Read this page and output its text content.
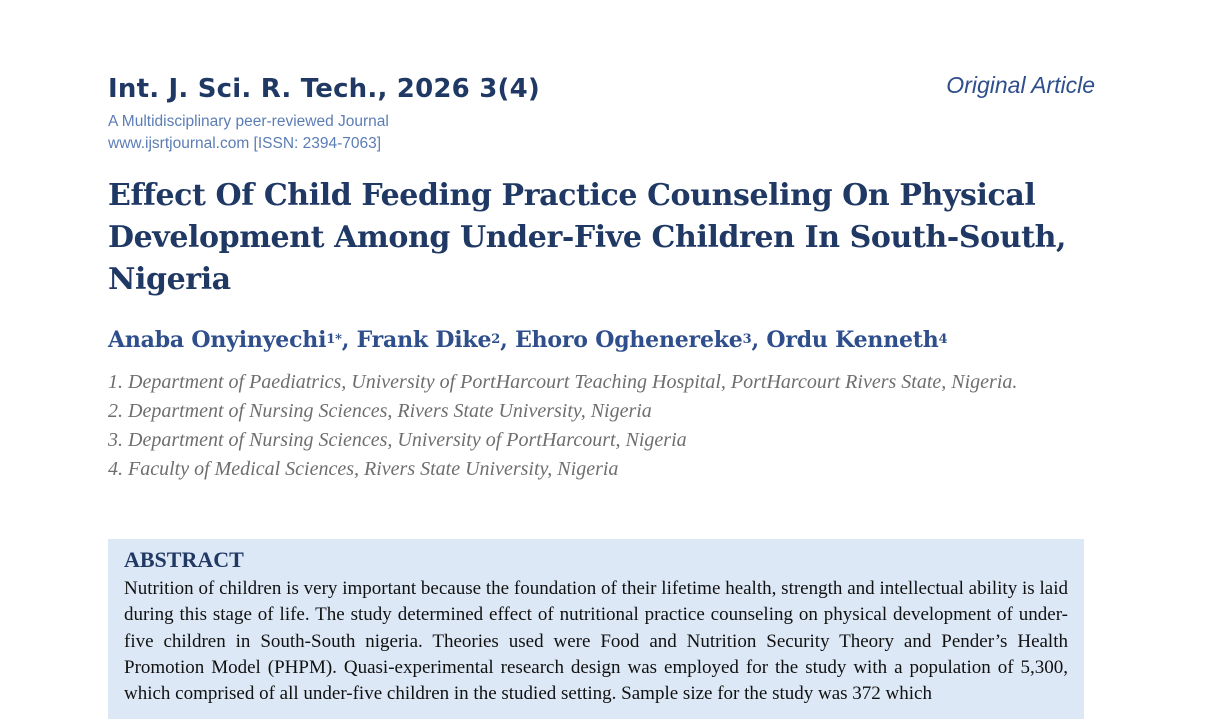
Int. J. Sci. R. Tech., 2026 3(4)
A Multidisciplinary peer-reviewed Journal
www.ijsrtjournal.com [ISSN: 2394-7063]
Original Article
Effect Of Child Feeding Practice Counseling On Physical Development Among Under-Five Children In South-South, Nigeria
Anaba Onyinyechi$^{1*}$, Frank Dike$^2$, Ehoro Oghenereke$^3$, Ordu Kenneth$^4$
1. Department of Paediatrics, University of PortHarcourt Teaching Hospital, PortHarcourt Rivers State, Nigeria.
2. Department of Nursing Sciences, Rivers State University, Nigeria
3. Department of Nursing Sciences, University of PortHarcourt, Nigeria
4. Faculty of Medical Sciences, Rivers State University, Nigeria
ABSTRACT

Nutrition of children is very important because the foundation of their lifetime health, strength and intellectual ability is laid during this stage of life. The study determined effect of nutritional practice counseling on physical development of under-five children in South-South nigeria. Theories used were Food and Nutrition Security Theory and Pender’s Health Promotion Model (PHPM). Quasi-experimental research design was employed for the study with a population of 5,300, which comprised of all under-five children in the studied setting. Sample size for the study was 372 which
